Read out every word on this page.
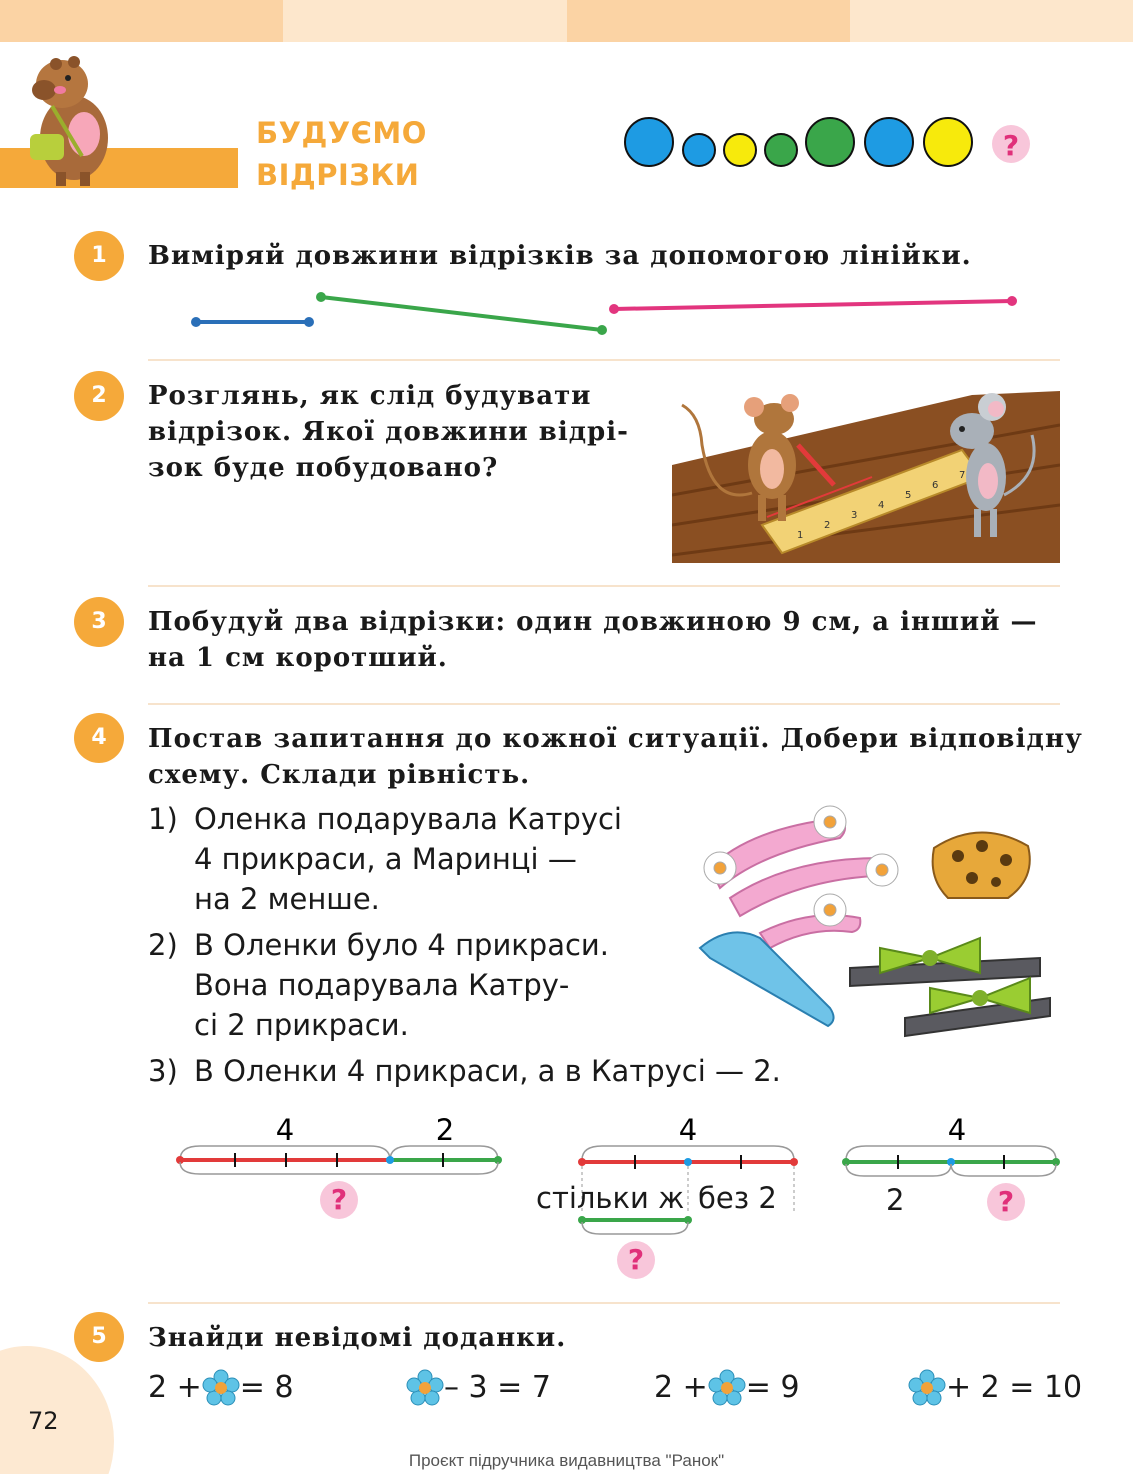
БУДУЄМО
ВІДРІЗКИ
?
1	Виміряй довжини відрізків за допомогою лінійки.
2	Розглянь, як слід будувати
відрізок. Якої довжини відрі-
зок буде побудовано?
1
2
3
4
5
6
7
3	Побудуй два відрізки: один довжиною 9 см, а інший —
на 1 см коротший.
4	Постав запитання до кожної ситуації. Добери відповідну
схему. Склади рівність.
1) Оленка подарувала Катрусі
4 прикраси, а Маринці —
на 2 менше.
2) В Оленки було 4 прикраси.
Вона подарувала Катру-
сі 2 прикраси.
3) В Оленки 4 прикраси, а в Катрусі — 2.
4	2
?
4
стільки ж без 2
?
4
2	?
5	Знайди невідомі доданки.
2 + = 8	– 3 = 7	2 + = 9	+ 2 = 10
72
Проєкт підручника видавництва "Ранок"
